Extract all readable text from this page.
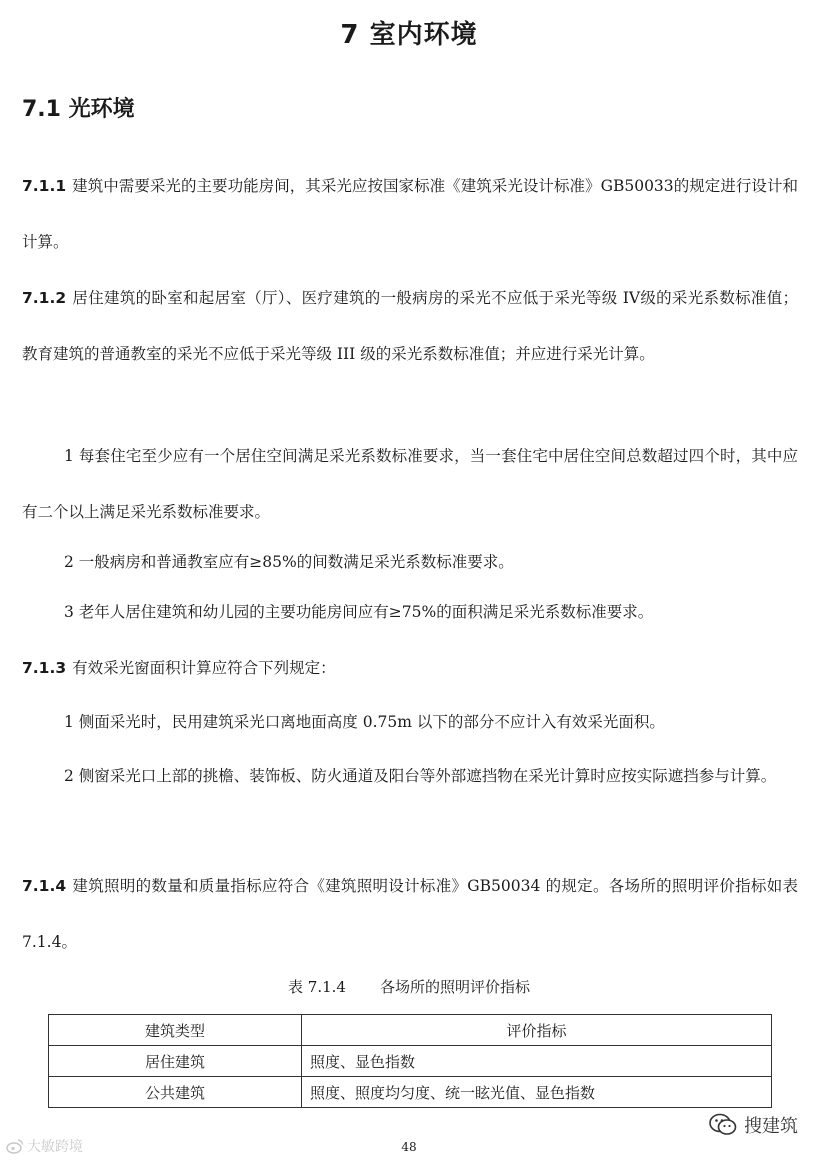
7 室内环境
7.1 光环境

7.1.1 建筑中需要采光的主要功能房间，其采光应按国家标准《建筑采光设计标准》GB50033的规定进行设计和计算。

7.1.2 居住建筑的卧室和起居室（厅）、医疗建筑的一般病房的采光不应低于采光等级 IV级的采光系数标准值；教育建筑的普通教室的采光不应低于采光等级 III 级的采光系数标准值；并应进行采光计算。

1 每套住宅至少应有一个居住空间满足采光系数标准要求，当一套住宅中居住空间总数超过四个时，其中应有二个以上满足采光系数标准要求。

2 一般病房和普通教室应有≥85%的间数满足采光系数标准要求。

3 老年人居住建筑和幼儿园的主要功能房间应有≥75%的面积满足采光系数标准要求。

7.1.3 有效采光窗面积计算应符合下列规定：

1 侧面采光时，民用建筑采光口离地面高度 0.75m 以下的部分不应计入有效采光面积。

2 侧窗采光口上部的挑檐、装饰板、防火通道及阳台等外部遮挡物在采光计算时应按实际遮挡参与计算。

7.1.4 建筑照明的数量和质量指标应符合《建筑照明设计标准》GB50034 的规定。各场所的照明评价指标如表 7.1.4。

表 7.1.4 各场所的照明评价指标
建筑类型	评价指标
居住建筑	照度、显色指数
公共建筑	照度、照度均匀度、统一眩光值、显色指数
搜建筑
48
大敏跨境
